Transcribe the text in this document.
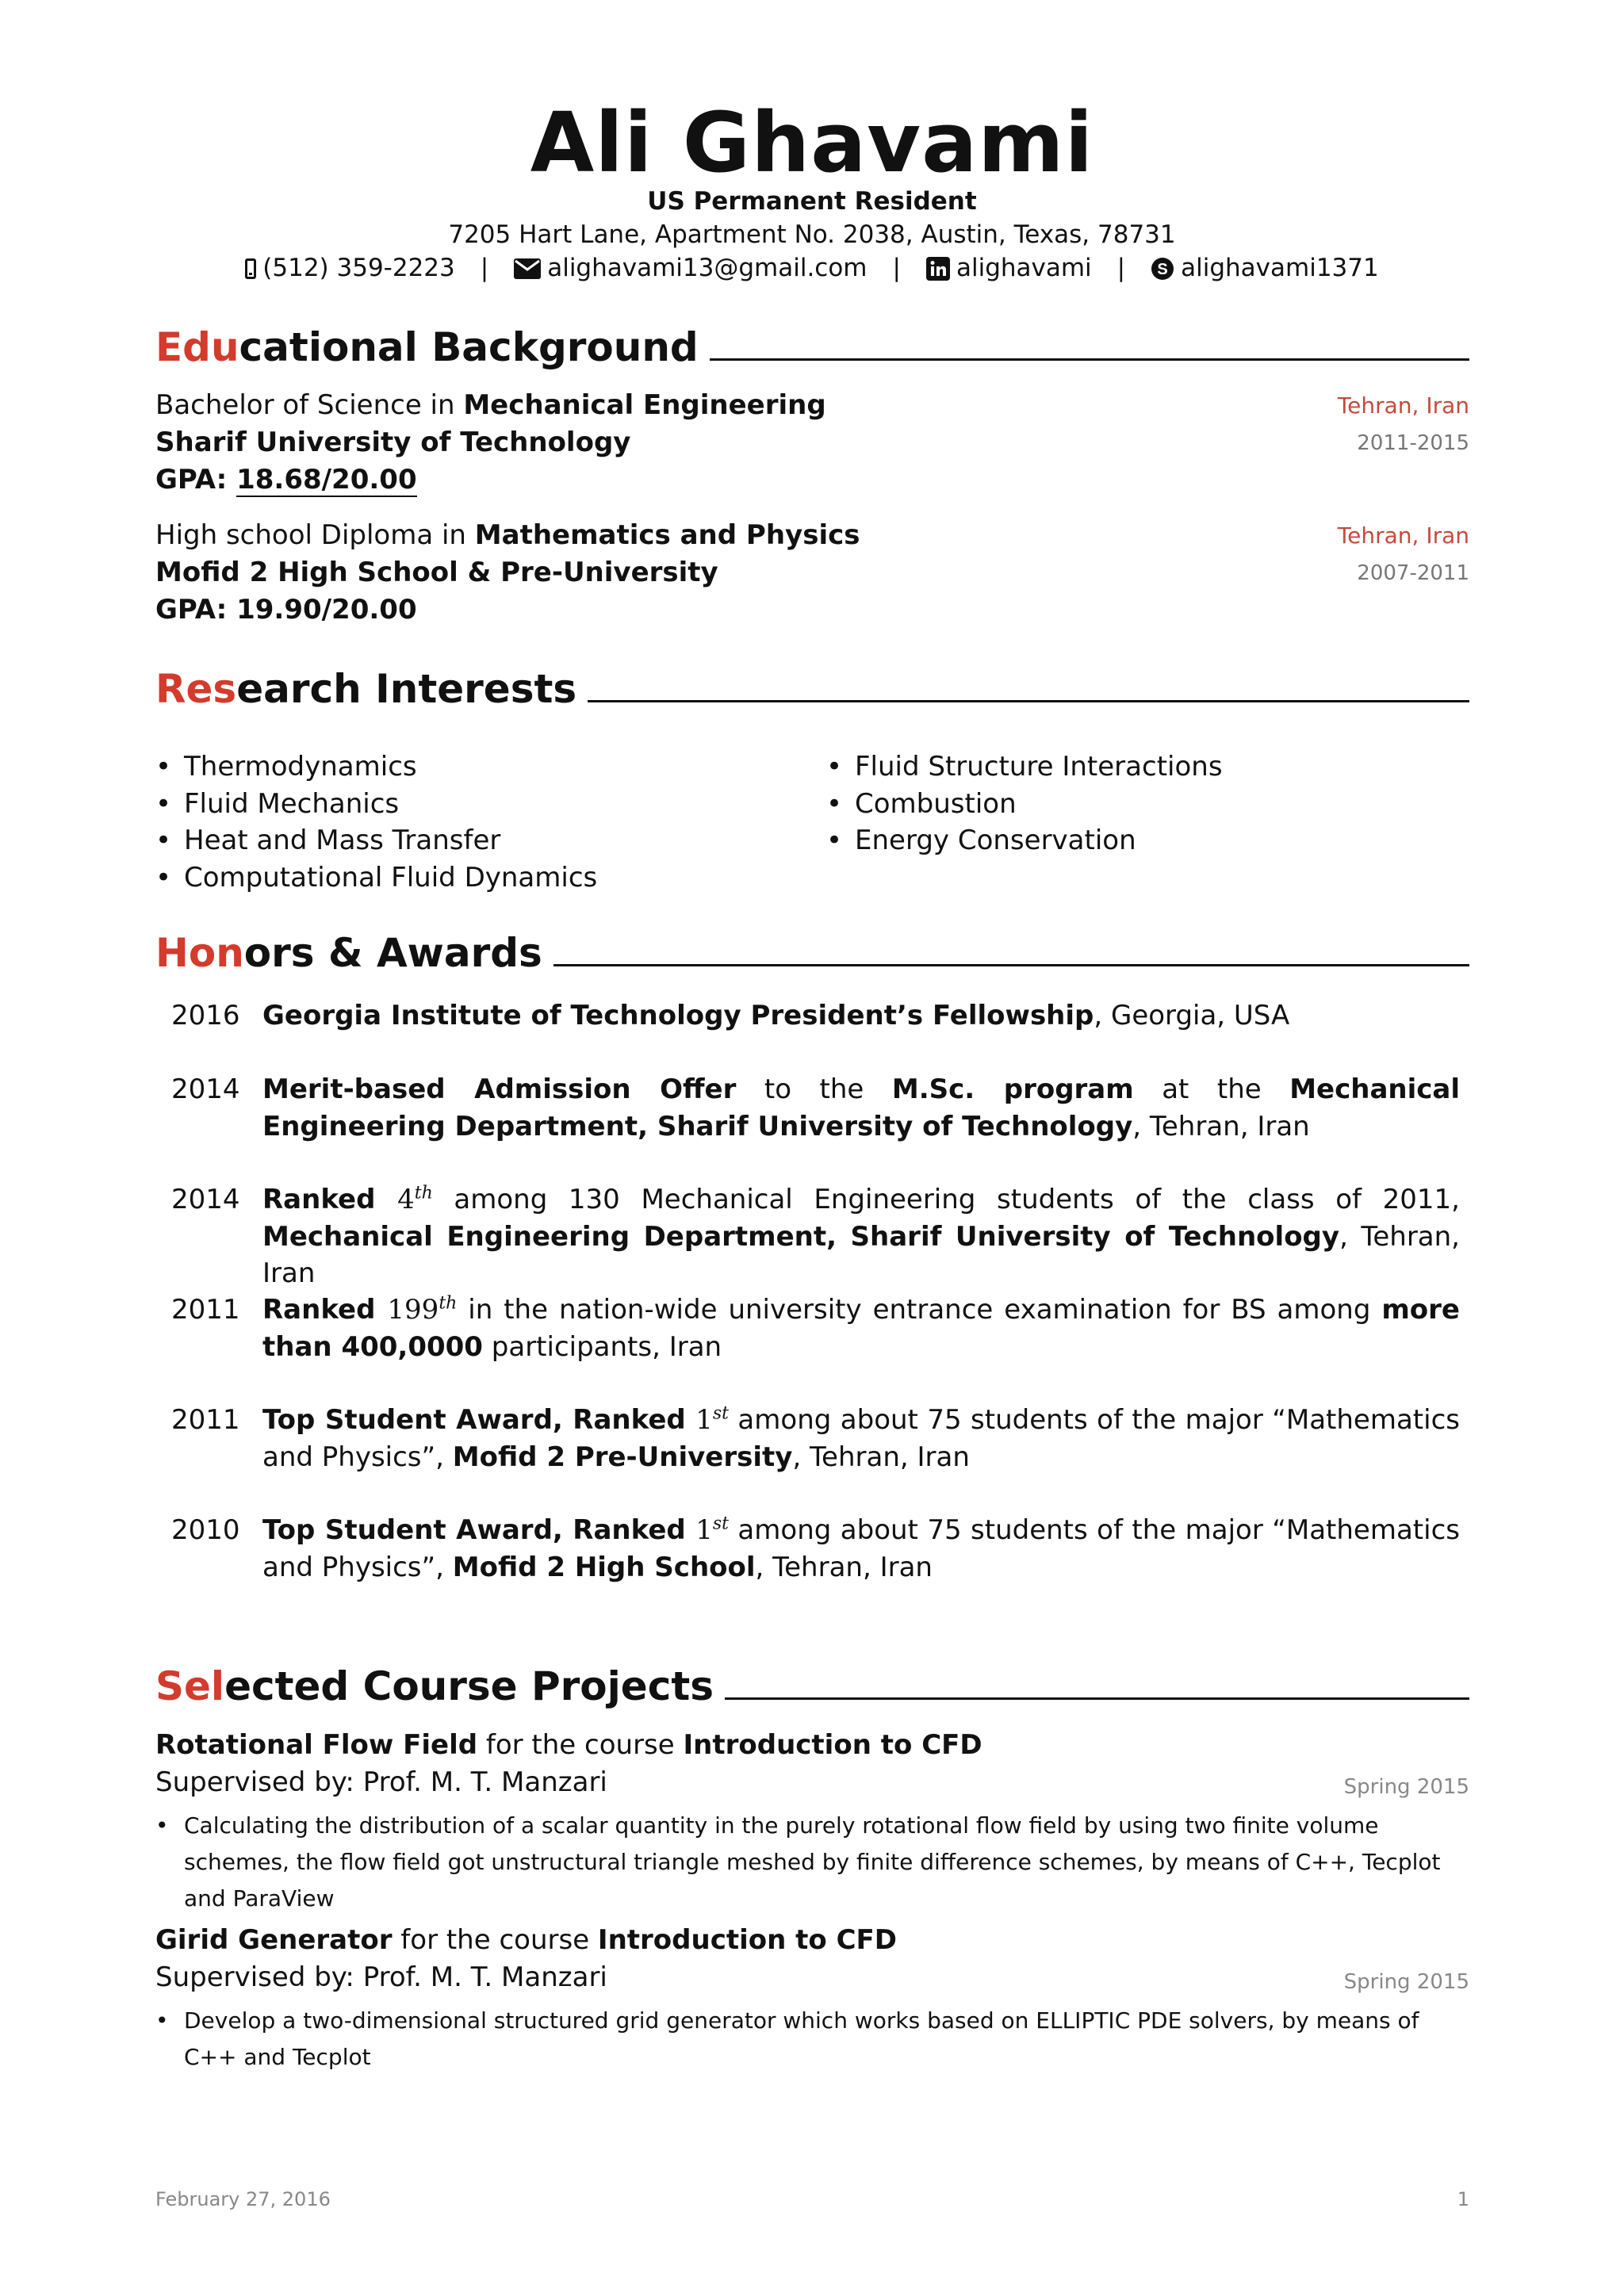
Ali Ghavami
US Permanent Resident
7205 Hart Lane, Apartment No. 2038, Austin, Texas, 78731
(512) 359-2223 | alighavami13@gmail.com | alighavami | S alighavami1371
Edu cational Background
Bachelor of Science in Mechanical Engineering	Tehran, Iran
Sharif University of Technology	2011-2015
GPA: 18.68/20.00
High school Diploma in Mathematics and Physics	Tehran, Iran
Mofid 2 High School & Pre-University	2007-2011
GPA: 19.90/20.00
Res earch Interests
• Thermodynamics
• Fluid Mechanics
• Heat and Mass Transfer
• Computational Fluid Dynamics
• Fluid Structure Interactions
• Combustion
• Energy Conservation
Hon ors & Awards
2016 Georgia Institute of Technology President’s Fellowship, Georgia, USA
2014 Merit-based Admission Offer to the M.Sc. program at the Mechanical Engineering Department, Sharif University of Technology, Tehran, Iran
2014 Ranked 4th among 130 Mechanical Engineering students of the class of 2011, Mechanical Engineering Department, Sharif University of Technology, Tehran, Iran
2011 Ranked 199th in the nation-wide university entrance examination for BS among more than 400,0000 participants, Iran
2011 Top Student Award, Ranked 1st among about 75 students of the major “Mathematics and Physics”, Mofid 2 Pre-University, Tehran, Iran
2010 Top Student Award, Ranked 1st among about 75 students of the major “Mathematics and Physics”, Mofid 2 High School, Tehran, Iran
Sel ected Course Projects
Rotational Flow Field for the course Introduction to CFD
Supervised by: Prof. M. T. Manzari	Spring 2015
• Calculating the distribution of a scalar quantity in the purely rotational flow field by using two finite volume schemes, the flow field got unstructural triangle meshed by finite difference schemes, by means of C++, Tecplot and ParaView
Girid Generator for the course Introduction to CFD
Supervised by: Prof. M. T. Manzari	Spring 2015
• Develop a two-dimensional structured grid generator which works based on ELLIPTIC PDE solvers, by means of C++ and Tecplot
February 27, 2016	1
